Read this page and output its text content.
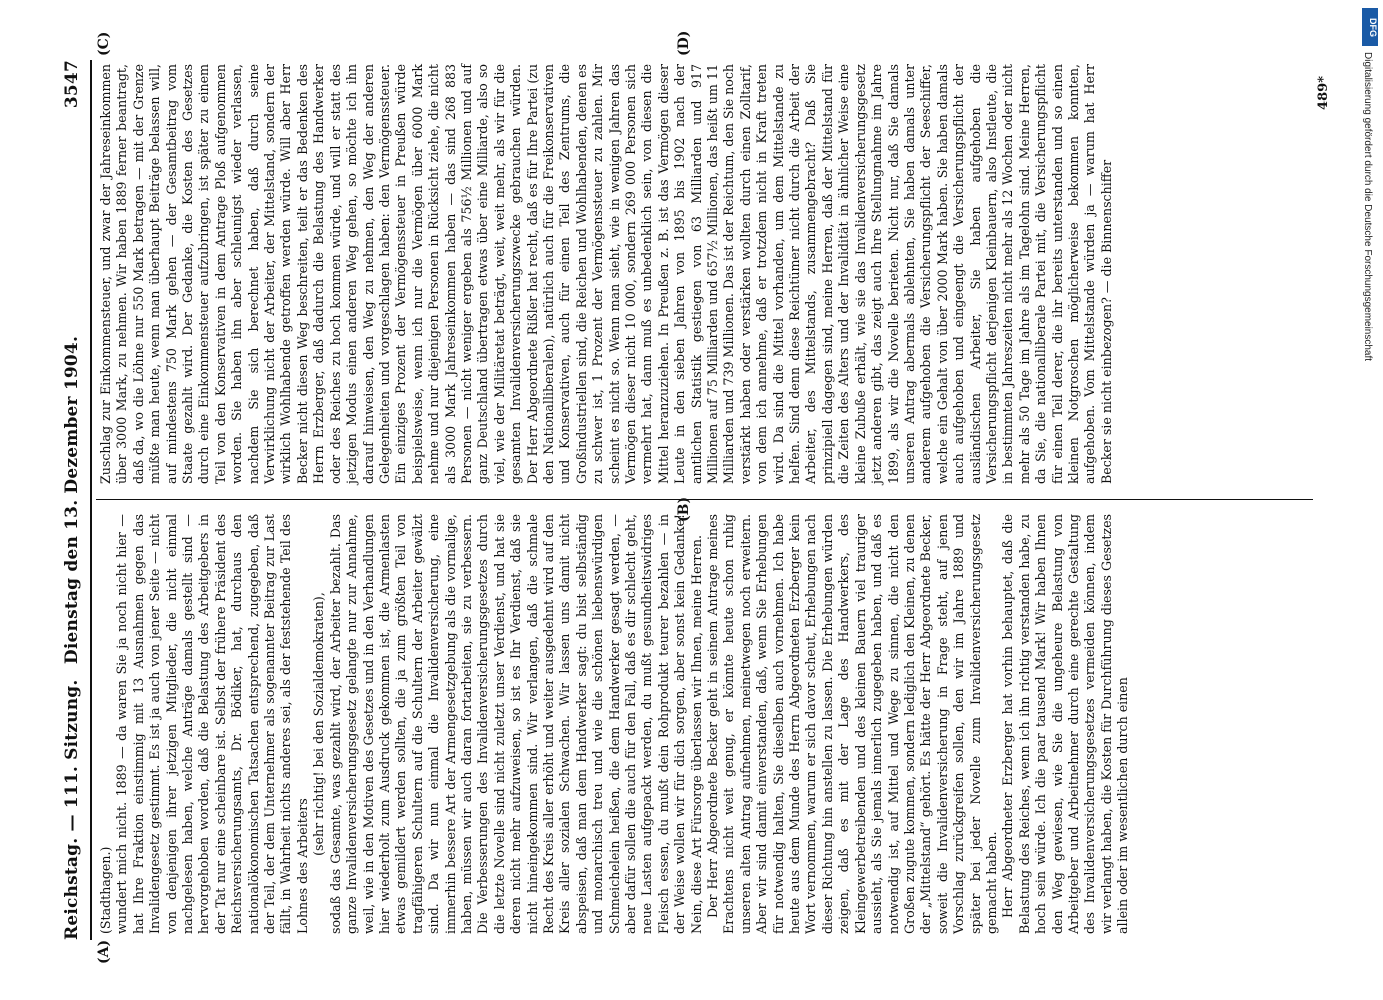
Reichstag. — 111. Sitzung.
Dienstag den 13. Dezember 1904.
3547
(A)
(B)
(C)	(D)

(Stadthagen.) wundert mich nicht. 1889 — da waren Sie ja noch nicht hier — hat Ihre Fraktion einstimmig mit 13 Ausnahmen gegen das Invalidengesetz gestimmt. Es ist ja auch von jener Seite — nicht von denjenigen ihrer jetzigen Mitglieder, die nicht einmal nachgelesen haben, welche Anträge damals gestellt sind — hervorgehoben worden, daß die Belastung des Arbeitgebers in der Tat nur eine scheinbare ist. Selbst der frühere Präsident des Reichsversicherungsamts, Dr. Bödiker, hat, durchaus den nationalökonomischen Tatsachen entsprechend, zugegeben, daß der Teil, der dem Unternehmer als sogenannter Beitrag zur Last fällt, in Wahrheit nichts anderes sei, als der feststehende Teil des Lohnes des Arbeiters

(sehr richtig! bei den Sozialdemokraten), sodaß das Gesamte, was gezahlt wird, der Arbeiter bezahlt. Das ganze Invalidenversicherungsgesetz gelangte nur zur Annahme, weil, wie in den Motiven des Gesetzes und in den Verhandlungen hier wiederholt zum Ausdruck gekommen ist, die Armenlasten etwas gemildert werden sollten, die ja zum größten Teil von tragfähigeren Schultern auf die Schultern der Arbeiter gewälzt sind. Da wir nun einmal die Invalidenversicherung, eine immerhin bessere Art der Armengesetzgebung als die vormalige, haben, müssen wir auch daran fortarbeiten, sie zu verbessern. Die Verbesserungen des Invalidenversicherungsgesetzes durch die letzte Novelle sind nicht zuletzt unser Verdienst, und hat sie deren nicht mehr aufzuweisen, so ist es Ihr Verdienst, daß sie nicht hineingekommen sind. Wir verlangen, daß die schmale Recht des Kreis aller erhöht und weiter ausgedehnt wird auf den Kreis aller sozialen Schwachen. Wir lassen uns damit nicht abspeisen, daß man dem Handwerker sagt: du bist selbständig und monarchisch treu und wie die schönen liebenswürdigen Schmeichelein heißen, die dem Handwerker gesagt werden, — aber dafür sollen die auch für den Fall, daß es dir schlecht geht, neue Lasten aufgepackt werden, du mußt gesundheitswidriges Fleisch essen, du mußt dein Rohprodukt teurer bezahlen — in der Weise wollen wir für dich sorgen, aber sonst kein Gedanke! Nein, diese Art Fürsorge überlassen wir Ihnen, meine Herren. Der Herr Abgeordnete Becker geht in seinem Antrage meines Erachtens nicht weit genug, er könnte heute schon ruhig unseren alten Antrag aufnehmen, meinetwegen noch erweitern. Aber wir sind damit einverstanden, daß, wenn Sie Erhebungen für notwendig halten, Sie dieselben auch vornehmen. Ich habe heute aus dem Munde des Herrn Abgeordneten Erzberger kein Wort vernommen, warum er sich davor scheut, Erhebungen nach dieser Richtung hin anstellen zu lassen. Die Erhebungen würden zeigen, daß es mit der Lage des Handwerkers, des Kleingewerbetreibenden und des kleinen Bauern viel trauriger aussieht, als Sie jemals innerlich zugegeben haben, und daß es notwendig ist, auf Mittel und Wege zu sinnen, die nicht den Großen zugute kommen, sondern lediglich den Kleinen, zu denen der „Mittelstand“ gehört. Es hätte der Herr Abgeordnete Becker, soweit die Invalidenversicherung in Frage steht, auf jenen Vorschlag zurückgreifen sollen, den wir im Jahre 1889 und später bei jeder Novelle zum Invalidenversicherungsgesetz gemacht haben. Herr Abgeordneter Erzberger hat vorhin behauptet, daß die Belastung des Reiches, wenn ich ihn richtig verstanden habe, zu hoch sein würde. Ich die paar tausend Mark! Wir haben Ihnen den Weg gewiesen, wie Sie die ungeheure Belastung von Arbeitgeber und Arbeitnehmer durch eine gerechte Gestaltung des Invalidenversicherungsgesetzes vermeiden können, indem wir verlangt haben, die Kosten für Durchführung dieses Gesetzes allein oder im wesentlichen durch einen

Zuschlag zur Einkommensteuer, und zwar der Jahreseinkommen über 3000 Mark, zu nehmen. Wir haben 1889 ferner beantragt, daß da, wo die Löhne nur 550 Mark betragen — mit der Grenze müßte man heute, wenn man überhaupt Beiträge belassen will, auf mindestens 750 Mark gehen — der Gesamtbeitrag vom Staate gezahlt wird. Der Gedanke, die Kosten des Gesetzes durch eine Einkommensteuer aufzubringen, ist später zu einem Teil von den Konservativen in dem Antrage Ploß aufgenommen worden. Sie haben ihn aber schleunigst wieder verlassen, nachdem Sie sich berechnet haben, daß durch seine Verwirklichung nicht der Arbeiter, der Mittelstand, sondern der wirklich Wohlhabende getroffen werden würde. Will aber Herr Becker nicht diesen Weg beschreiten, teilt er das Bedenken des Herrn Erzberger, daß dadurch die Belastung des Handwerker oder des Reiches zu hoch kommen würde, und will er statt des jetzigen Modus einen anderen Weg gehen, so möchte ich ihn darauf hinweisen, den Weg zu nehmen, den Weg der anderen Gelegenheiten und vorgeschlagen haben: den Vermögenssteuer. Ein einziges Prozent der Vermögenssteuer in Preußen würde beispielsweise, wenn ich nur die Vermögen über 6000 Mark nehme und nur diejenigen Personen in Rücksicht ziehe, die nicht als 3000 Mark Jahreseinkommen haben — das sind 268 883 Personen — nicht weniger ergeben als 756½ Millionen und auf ganz Deutschland übertragen etwas über eine Milliarde, also so viel, wie der Militäretat beträgt, weit, weit mehr, als wir für die gesamten Invalidenversicherungszwecke gebrauchen würden. Der Herr Abgeordnete Rißler hat recht, daß es für Ihre Partei (zu den Nationalliberalen), natürlich auch für die Freikonservativen und Konservativen, auch für einen Teil des Zentrums, die Großindustriellen sind, die Reichen und Wohlhabenden, denen es zu schwer ist, 1 Prozent der Vermögenssteuer zu zahlen. Mir scheint es nicht so. Wenn man sieht, wie in wenigen Jahren das Vermögen dieser nicht 10 000, sondern 269 000 Personen sich vermehrt hat, dann muß es unbedenklich sein, von diesen die Mittel heranzuziehen. In Preußen z. B. ist das Vermögen dieser Leute in den sieben Jahren von 1895 bis 1902 nach der amtlichen Statistik gestiegen von 63 Milliarden und 917 Millionen auf 75 Milliarden und 657½ Millionen, das heißt um 11 Milliarden und 739 Millionen. Das ist der Reichtum, den Sie noch verstärkt haben oder verstärken wollten durch einen Zolltarif, von dem ich annehme, daß er trotzdem nicht in Kraft treten wird. Da sind die Mittel vorhanden, um dem Mittelstande zu helfen. Sind denn diese Reichtümer nicht durch die Arbeit der Arbeiter, des Mittelstands, zusammengebracht? Daß Sie prinzipiell dagegen sind, meine Herren, daß der Mittelstand für die Zeiten des Alters und der Invalidität in ähnlicher Weise eine kleine Zubuße erhält, wie sie das Invalidenversicherungsgesetz jetzt anderen gibt, das zeigt auch Ihre Stellungnahme im Jahre 1899, als wir die Novelle berieten. Nicht nur, daß Sie damals unseren Antrag abermals ablehnten, Sie haben damals unter anderem aufgehoben die Versicherungspflicht der Seeschiffer, welche ein Gehalt von über 2000 Mark haben. Sie haben damals auch aufgehoben und eingeengt die Versicherungspflicht der ausländischen Arbeiter, Sie haben aufgehoben die Versicherungspflicht derjenigen Kleinbauern, also Instleute, die in bestimmten Jahreszeiten nicht mehr als 12 Wochen oder nicht mehr als 50 Tage im Jahre als im Tagelohn sind. Meine Herren, da Sie, die nationalliberale Partei mit, die Versicherungspflicht für einen Teil derer, die ihr bereits unterstanden und so einen kleinen Notgroschen möglicherweise bekommen konnten, aufgehoben. Vom Mittelstande würden ja — warum hat Herr Becker sie nicht einbezogen? — die Binnenschiffer

489*
DFG
Digitalisierung gefördert durch die Deutsche Forschungsgemeinschaft
